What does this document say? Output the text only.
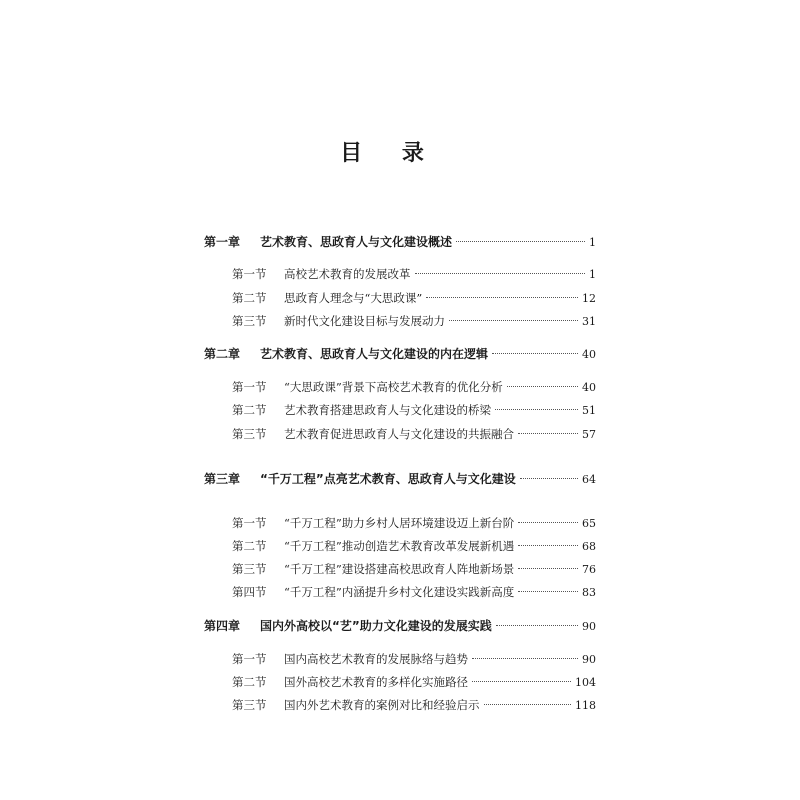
目 录
第一章	艺术教育、思政育人与文化建设概述	1
第一节	高校艺术教育的发展改革	1
第二节	思政育人理念与“大思政课”	12
第三节	新时代文化建设目标与发展动力	31
第二章	艺术教育、思政育人与文化建设的内在逻辑	40
第一节	“大思政课”背景下高校艺术教育的优化分析	40
第二节	艺术教育搭建思政育人与文化建设的桥梁	51
第三节	艺术教育促进思政育人与文化建设的共振融合	57
第三章	“千万工程”点亮艺术教育、思政育人与文化建设	64
第一节	“千万工程”助力乡村人居环境建设迈上新台阶	65
第二节	“千万工程”推动创造艺术教育改革发展新机遇	68
第三节	“千万工程”建设搭建高校思政育人阵地新场景	76
第四节	“千万工程”内涵提升乡村文化建设实践新高度	83
第四章	国内外高校以“艺”助力文化建设的发展实践	90
第一节	国内高校艺术教育的发展脉络与趋势	90
第二节	国外高校艺术教育的多样化实施路径	104
第三节	国内外艺术教育的案例对比和经验启示	118
